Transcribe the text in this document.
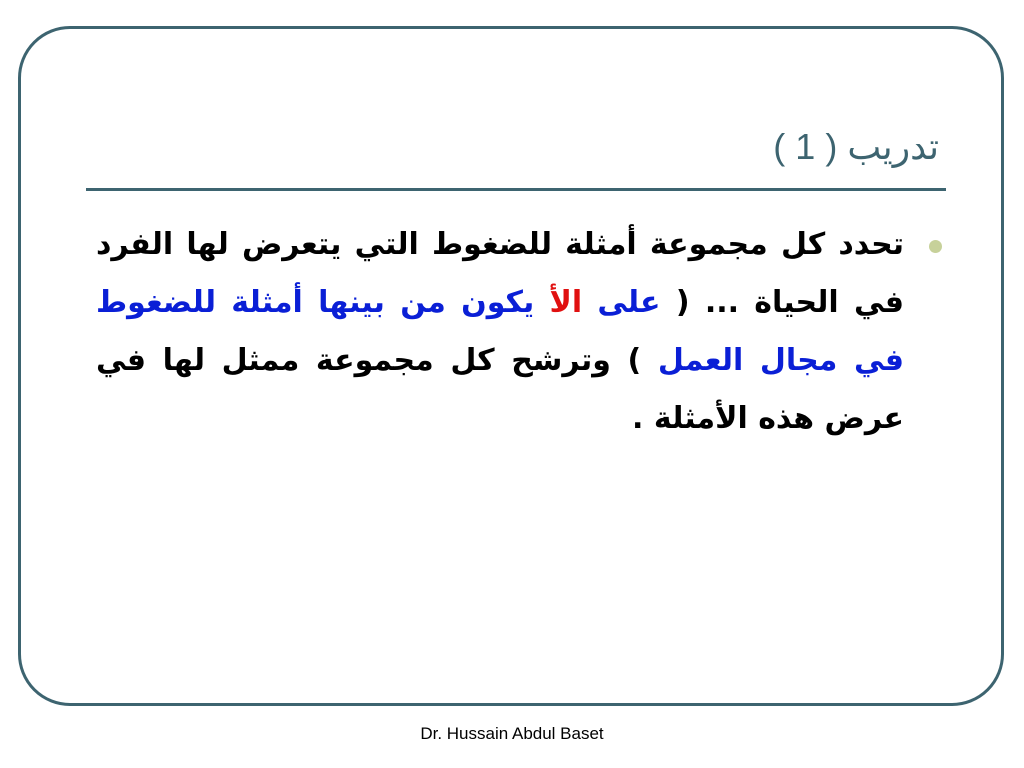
تدريب ( 1 )
تحدد كل مجموعة أمثلة للضغوط التي يتعرض لها الفرد في الحياة ... ( على الأ يكون من بينها أمثلة للضغوط في مجال العمل ) وترشح كل مجموعة ممثل لها في عرض هذه الأمثلة .
Dr. Hussain Abdul Baset
